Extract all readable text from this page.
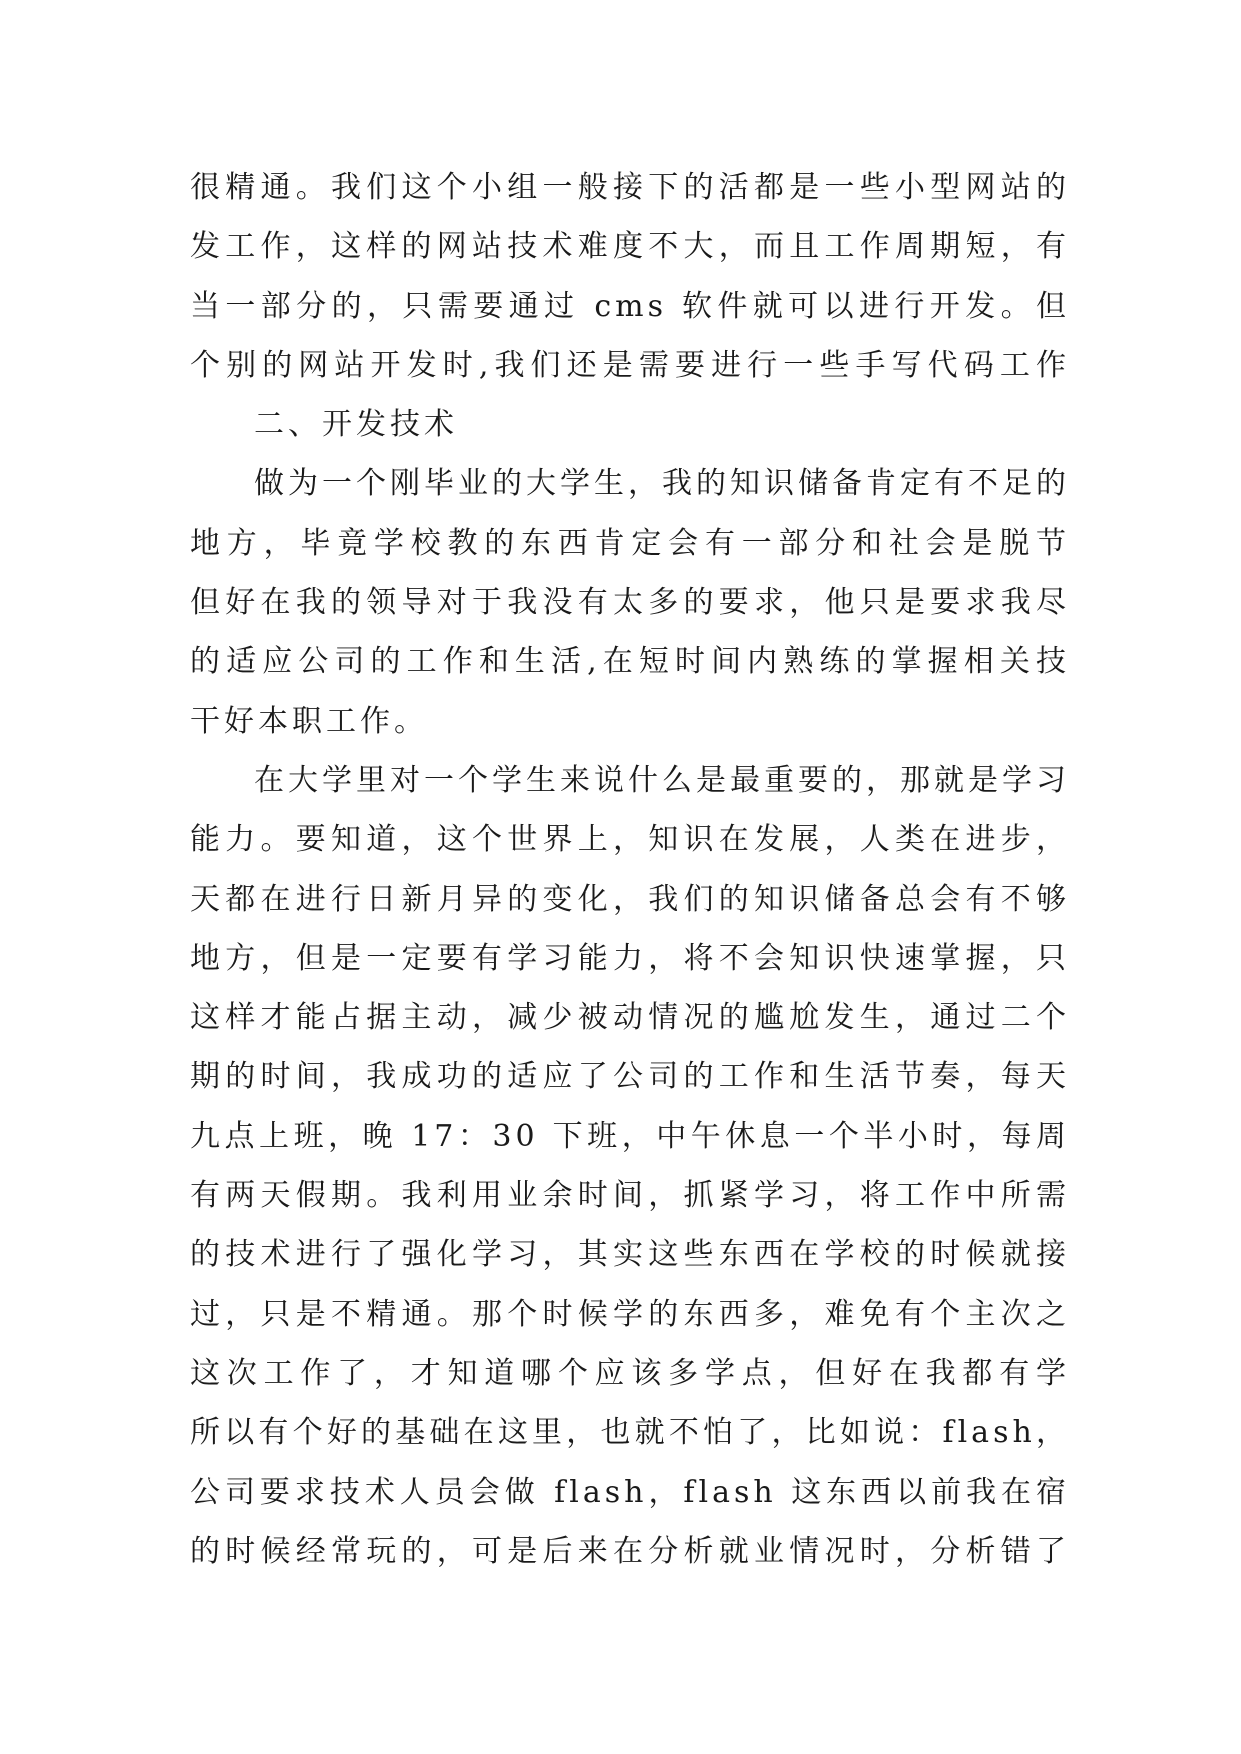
很精通。我们这个小组一般接下的活都是一些小型网站的
发工作，这样的网站技术难度不大，而且工作周期短，有
当一部分的，只需要通过 cms 软件就可以进行开发。但
个别的网站开发时,我们还是需要进行一些手写代码工作
二、开发技术
做为一个刚毕业的大学生，我的知识储备肯定有不足的
地方，毕竟学校教的东西肯定会有一部分和社会是脱节
但好在我的领导对于我没有太多的要求，他只是要求我尽
的适应公司的工作和生活,在短时间内熟练的掌握相关技
干好本职工作。
在大学里对一个学生来说什么是最重要的，那就是学习
能力。要知道，这个世界上，知识在发展，人类在进步，
天都在进行日新月异的变化，我们的知识储备总会有不够
地方，但是一定要有学习能力，将不会知识快速掌握，只
这样才能占据主动，减少被动情况的尴尬发生，通过二个
期的时间，我成功的适应了公司的工作和生活节奏，每天
九点上班，晚 17：30 下班，中午休息一个半小时，每周
有两天假期。我利用业余时间，抓紧学习，将工作中所需
的技术进行了强化学习，其实这些东西在学校的时候就接
过，只是不精通。那个时候学的东西多，难免有个主次之
这次工作了，才知道哪个应该多学点，但好在我都有学
所以有个好的基础在这里，也就不怕了，比如说：flash，
公司要求技术人员会做 flash，flash 这东西以前我在宿
的时候经常玩的，可是后来在分析就业情况时，分析错了
